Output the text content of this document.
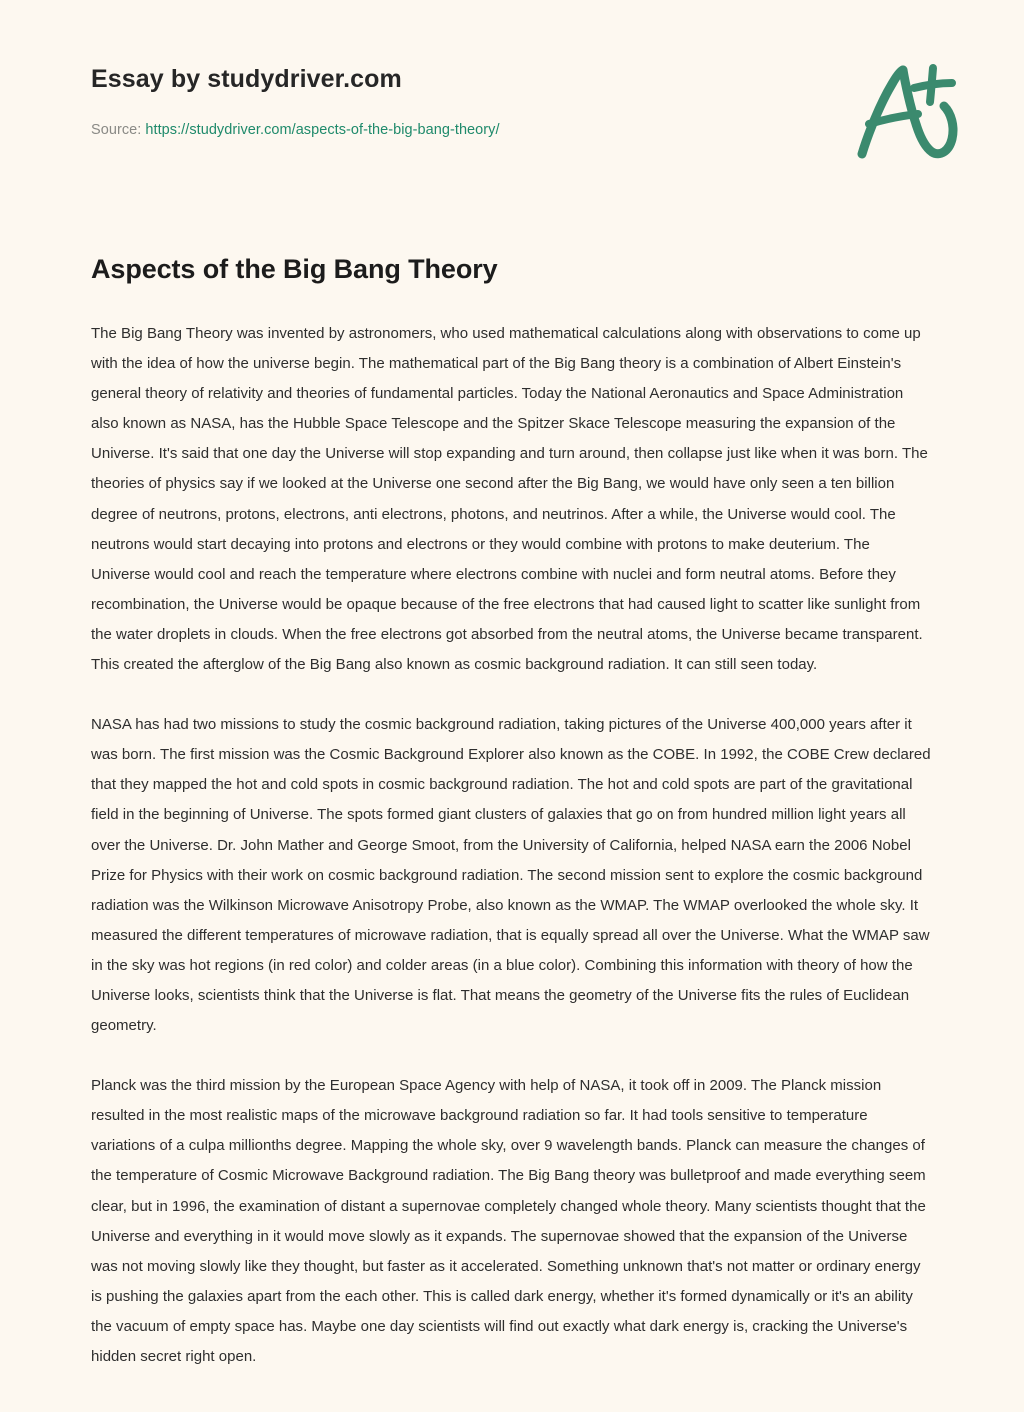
Essay by studydriver.com
Source: https://studydriver.com/aspects-of-the-big-bang-theory/
Aspects of the Big Bang Theory

The Big Bang Theory was invented by astronomers, who used mathematical calculations along with observations to come up with the idea of how the universe begin. The mathematical part of the Big Bang theory is a combination of Albert Einstein's general theory of relativity and theories of fundamental particles. Today the National Aeronautics and Space Administration also known as NASA, has the Hubble Space Telescope and the Spitzer Skace Telescope measuring the expansion of the Universe. It's said that one day the Universe will stop expanding and turn around, then collapse just like when it was born. The theories of physics say if we looked at the Universe one second after the Big Bang, we would have only seen a ten billion degree of neutrons, protons, electrons, anti electrons, photons, and neutrinos. After a while, the Universe would cool. The neutrons would start decaying into protons and electrons or they would combine with protons to make deuterium. The Universe would cool and reach the temperature where electrons combine with nuclei and form neutral atoms. Before they recombination, the Universe would be opaque because of the free electrons that had caused light to scatter like sunlight from the water droplets in clouds. When the free electrons got absorbed from the neutral atoms, the Universe became transparent. This created the afterglow of the Big Bang also known as cosmic background radiation. It can still seen today.

NASA has had two missions to study the cosmic background radiation, taking pictures of the Universe 400,000 years after it was born. The first mission was the Cosmic Background Explorer also known as the COBE. In 1992, the COBE Crew declared that they mapped the hot and cold spots in cosmic background radiation. The hot and cold spots are part of the gravitational field in the beginning of Universe. The spots formed giant clusters of galaxies that go on from hundred million light years all over the Universe. Dr. John Mather and George Smoot, from the University of California, helped NASA earn the 2006 Nobel Prize for Physics with their work on cosmic background radiation. The second mission sent to explore the cosmic background radiation was the Wilkinson Microwave Anisotropy Probe, also known as the WMAP. The WMAP overlooked the whole sky. It measured the different temperatures of microwave radiation, that is equally spread all over the Universe. What the WMAP saw in the sky was hot regions (in red color) and colder areas (in a blue color). Combining this information with theory of how the Universe looks, scientists think that the Universe is flat. That means the geometry of the Universe fits the rules of Euclidean geometry.

Planck was the third mission by the European Space Agency with help of NASA, it took off in 2009. The Planck mission resulted in the most realistic maps of the microwave background radiation so far. It had tools sensitive to temperature variations of a culpa millionths degree. Mapping the whole sky, over 9 wavelength bands. Planck can measure the changes of the temperature of Cosmic Microwave Background radiation. The Big Bang theory was bulletproof and made everything seem clear, but in 1996, the examination of distant a supernovae completely changed whole theory. Many scientists thought that the Universe and everything in it would move slowly as it expands. The supernovae showed that the expansion of the Universe was not moving slowly like they thought, but faster as it accelerated. Something unknown that's not matter or ordinary energy is pushing the galaxies apart from the each other. This is called dark energy, whether it's formed dynamically or it's an ability the vacuum of empty space has. Maybe one day scientists will find out exactly what dark energy is, cracking the Universe's hidden secret right open.
